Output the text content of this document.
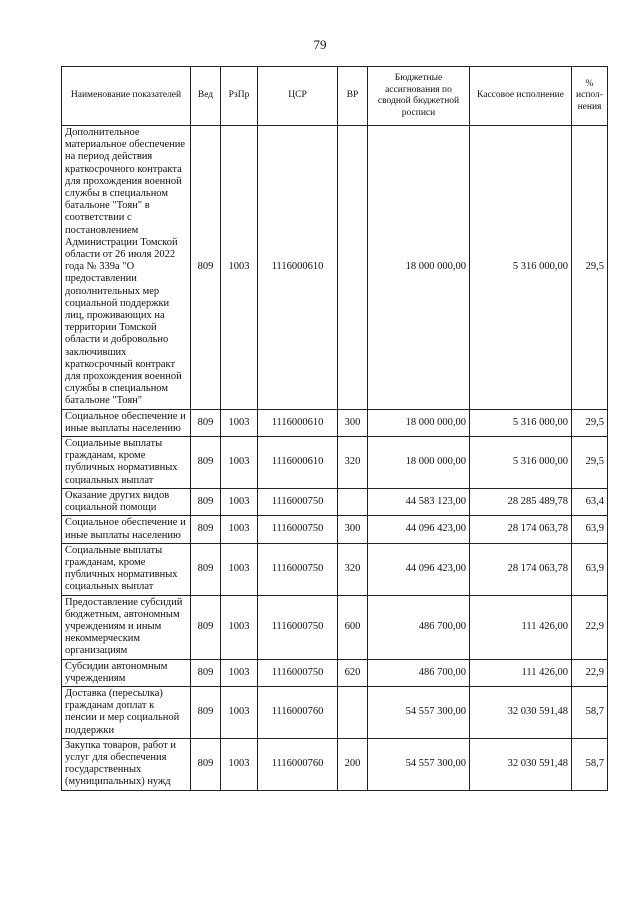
79
Наименование показателей	Вед	РзПр	ЦСР	ВР	Бюджетные ассигнования по сводной бюджетной росписи	Кассовое исполнение	% испол-нения
Дополнительное материальное обеспечение на период действия краткосрочного контракта для прохождения военной службы в специальном батальоне "Тоян" в соответствии с постановлением Администрации Томской области от 26 июля 2022 года № 339а "О предоставлении дополнительных мер социальной поддержки лиц, проживающих на территории Томской области и добровольно заключивших краткосрочный контракт для прохождения военной службы в специальном батальоне "Тоян"	809	1003	1116000610		18 000 000,00	5 316 000,00	29,5
Социальное обеспечение и иные выплаты населению	809	1003	1116000610	300	18 000 000,00	5 316 000,00	29,5
Социальные выплаты гражданам, кроме публичных нормативных социальных выплат	809	1003	1116000610	320	18 000 000,00	5 316 000,00	29,5
Оказание других видов социальной помощи	809	1003	1116000750		44 583 123,00	28 285 489,78	63,4
Социальное обеспечение и иные выплаты населению	809	1003	1116000750	300	44 096 423,00	28 174 063,78	63,9
Социальные выплаты гражданам, кроме публичных нормативных социальных выплат	809	1003	1116000750	320	44 096 423,00	28 174 063,78	63,9
Предоставление субсидий бюджетным, автономным учреждениям и иным некоммерческим организациям	809	1003	1116000750	600	486 700,00	111 426,00	22,9
Субсидии автономным учреждениям	809	1003	1116000750	620	486 700,00	111 426,00	22,9
Доставка (пересылка) гражданам доплат к пенсии и мер социальной поддержки	809	1003	1116000760		54 557 300,00	32 030 591,48	58,7
Закупка товаров, работ и услуг для обеспечения государственных (муниципальных) нужд	809	1003	1116000760	200	54 557 300,00	32 030 591,48	58,7
